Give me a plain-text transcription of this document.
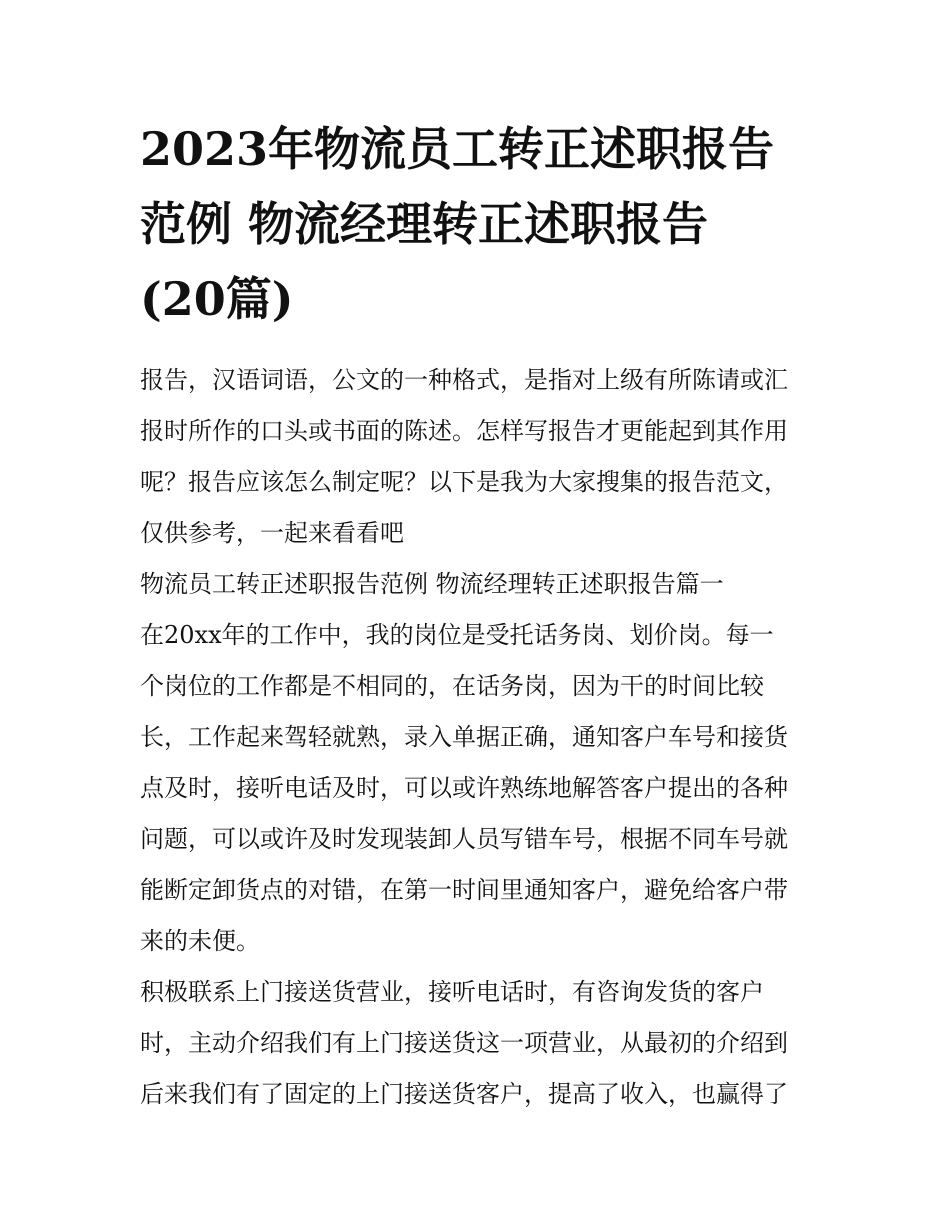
2023年物流员工转正述职报告
范例 物流经理转正述职报告
(20篇)

报告，汉语词语，公文的一种格式，是指对上级有所陈请或汇
报时所作的口头或书面的陈述。怎样写报告才更能起到其作用
呢？报告应该怎么制定呢？以下是我为大家搜集的报告范文，
仅供参考，一起来看看吧

物流员工转正述职报告范例 物流经理转正述职报告篇一

在20xx年的工作中，我的岗位是受托话务岗、划价岗。每一
个岗位的工作都是不相同的，在话务岗，因为干的时间比较
长，工作起来驾轻就熟，录入单据正确，通知客户车号和接货
点及时，接听电话及时，可以或许熟练地解答客户提出的各种
问题，可以或许及时发现装卸人员写错车号，根据不同车号就
能断定卸货点的对错，在第一时间里通知客户，避免给客户带
来的未便。

积极联系上门接送货营业，接听电话时，有咨询发货的客户
时，主动介绍我们有上门接送货这一项营业，从最初的介绍到
后来我们有了固定的上门接送货客户，提高了收入，也赢得了
